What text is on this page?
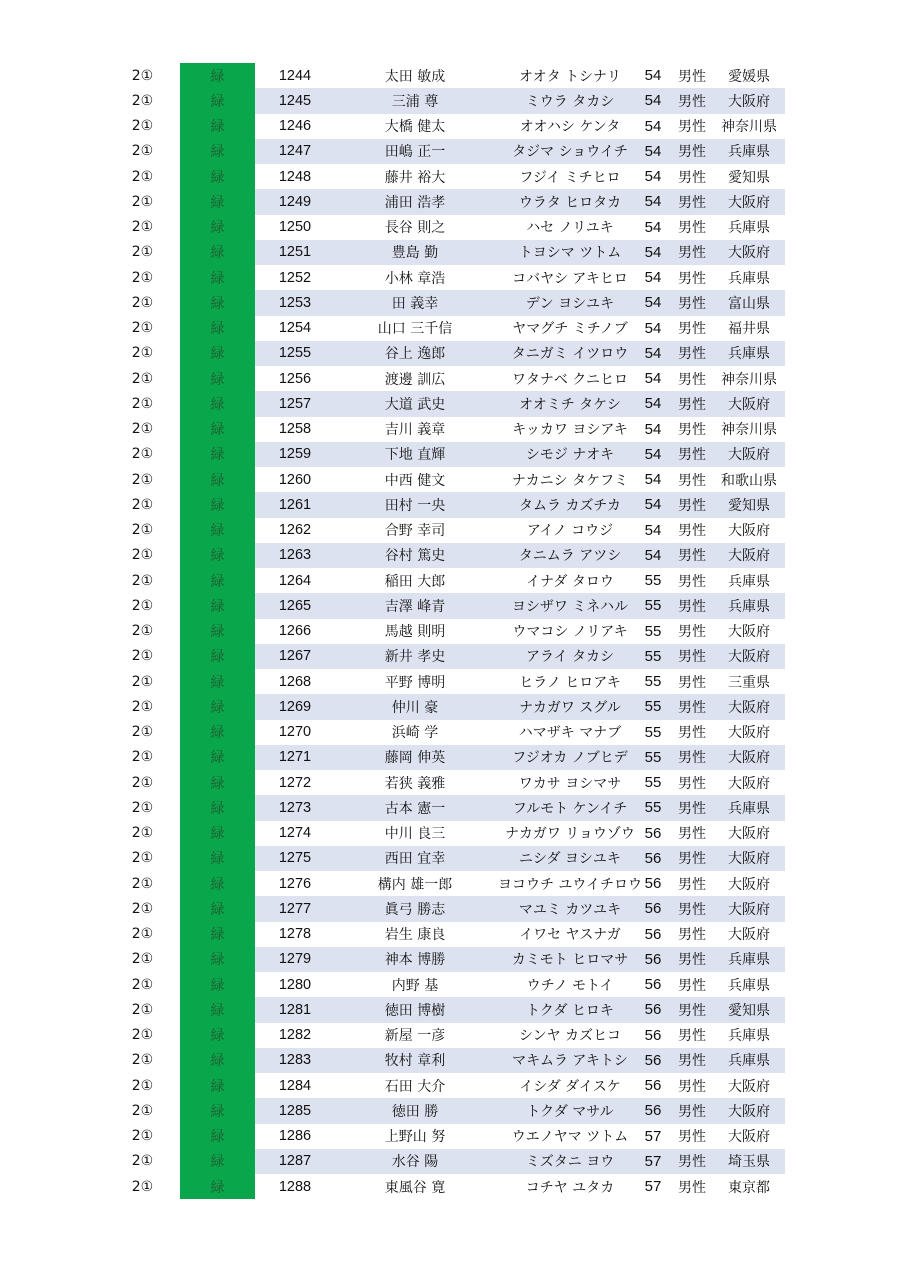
2①	緑	1244	太田 敏成	オオタ トシナリ	54	男性	愛媛県
2①	緑	1245	三浦 尊	ミウラ タカシ	54	男性	大阪府
2①	緑	1246	大橋 健太	オオハシ ケンタ	54	男性	神奈川県
2①	緑	1247	田嶋 正一	タジマ ショウイチ	54	男性	兵庫県
2①	緑	1248	藤井 裕大	フジイ ミチヒロ	54	男性	愛知県
2①	緑	1249	浦田 浩孝	ウラタ ヒロタカ	54	男性	大阪府
2①	緑	1250	長谷 則之	ハセ ノリユキ	54	男性	兵庫県
2①	緑	1251	豊島 勤	トヨシマ ツトム	54	男性	大阪府
2①	緑	1252	小林 章浩	コバヤシ アキヒロ	54	男性	兵庫県
2①	緑	1253	田 義幸	デン ヨシユキ	54	男性	富山県
2①	緑	1254	山口 三千信	ヤマグチ ミチノブ	54	男性	福井県
2①	緑	1255	谷上 逸郎	タニガミ イツロウ	54	男性	兵庫県
2①	緑	1256	渡邊 訓広	ワタナベ クニヒロ	54	男性	神奈川県
2①	緑	1257	大道 武史	オオミチ タケシ	54	男性	大阪府
2①	緑	1258	吉川 義章	キッカワ ヨシアキ	54	男性	神奈川県
2①	緑	1259	下地 直輝	シモジ ナオキ	54	男性	大阪府
2①	緑	1260	中西 健文	ナカニシ タケフミ	54	男性	和歌山県
2①	緑	1261	田村 一央	タムラ カズチカ	54	男性	愛知県
2①	緑	1262	合野 幸司	アイノ コウジ	54	男性	大阪府
2①	緑	1263	谷村 篤史	タニムラ アツシ	54	男性	大阪府
2①	緑	1264	稲田 大郎	イナダ タロウ	55	男性	兵庫県
2①	緑	1265	吉澤 峰青	ヨシザワ ミネハル	55	男性	兵庫県
2①	緑	1266	馬越 則明	ウマコシ ノリアキ	55	男性	大阪府
2①	緑	1267	新井 孝史	アライ タカシ	55	男性	大阪府
2①	緑	1268	平野 博明	ヒラノ ヒロアキ	55	男性	三重県
2①	緑	1269	仲川 豪	ナカガワ スグル	55	男性	大阪府
2①	緑	1270	浜崎 学	ハマザキ マナブ	55	男性	大阪府
2①	緑	1271	藤岡 伸英	フジオカ ノブヒデ	55	男性	大阪府
2①	緑	1272	若狭 義雅	ワカサ ヨシマサ	55	男性	大阪府
2①	緑	1273	古本 憲一	フルモト ケンイチ	55	男性	兵庫県
2①	緑	1274	中川 良三	ナカガワ リョウゾウ 56	男性	大阪府
2①	緑	1275	西田 宜幸	ニシダ ヨシユキ	56	男性	大阪府
2①	緑	1276	構内 雄一郎	ヨコウチ ユウイチロウ 56	男性	大阪府
2①	緑	1277	眞弓 勝志	マユミ カツユキ	56	男性	大阪府
2①	緑	1278	岩生 康良	イワセ ヤスナガ	56	男性	大阪府
2①	緑	1279	神本 博勝	カミモト ヒロマサ	56	男性	兵庫県
2①	緑	1280	内野 基	ウチノ モトイ	56	男性	兵庫県
2①	緑	1281	徳田 博樹	トクダ ヒロキ	56	男性	愛知県
2①	緑	1282	新屋 一彦	シンヤ カズヒコ	56	男性	兵庫県
2①	緑	1283	牧村 章利	マキムラ アキトシ	56	男性	兵庫県
2①	緑	1284	石田 大介	イシダ ダイスケ	56	男性	大阪府
2①	緑	1285	徳田 勝	トクダ マサル	56	男性	大阪府
2①	緑	1286	上野山 努	ウエノヤマ ツトム	57	男性	大阪府
2①	緑	1287	水谷 陽	ミズタニ ヨウ	57	男性	埼玉県
2①	緑	1288	東風谷 寛	コチヤ ユタカ	57	男性	東京都
